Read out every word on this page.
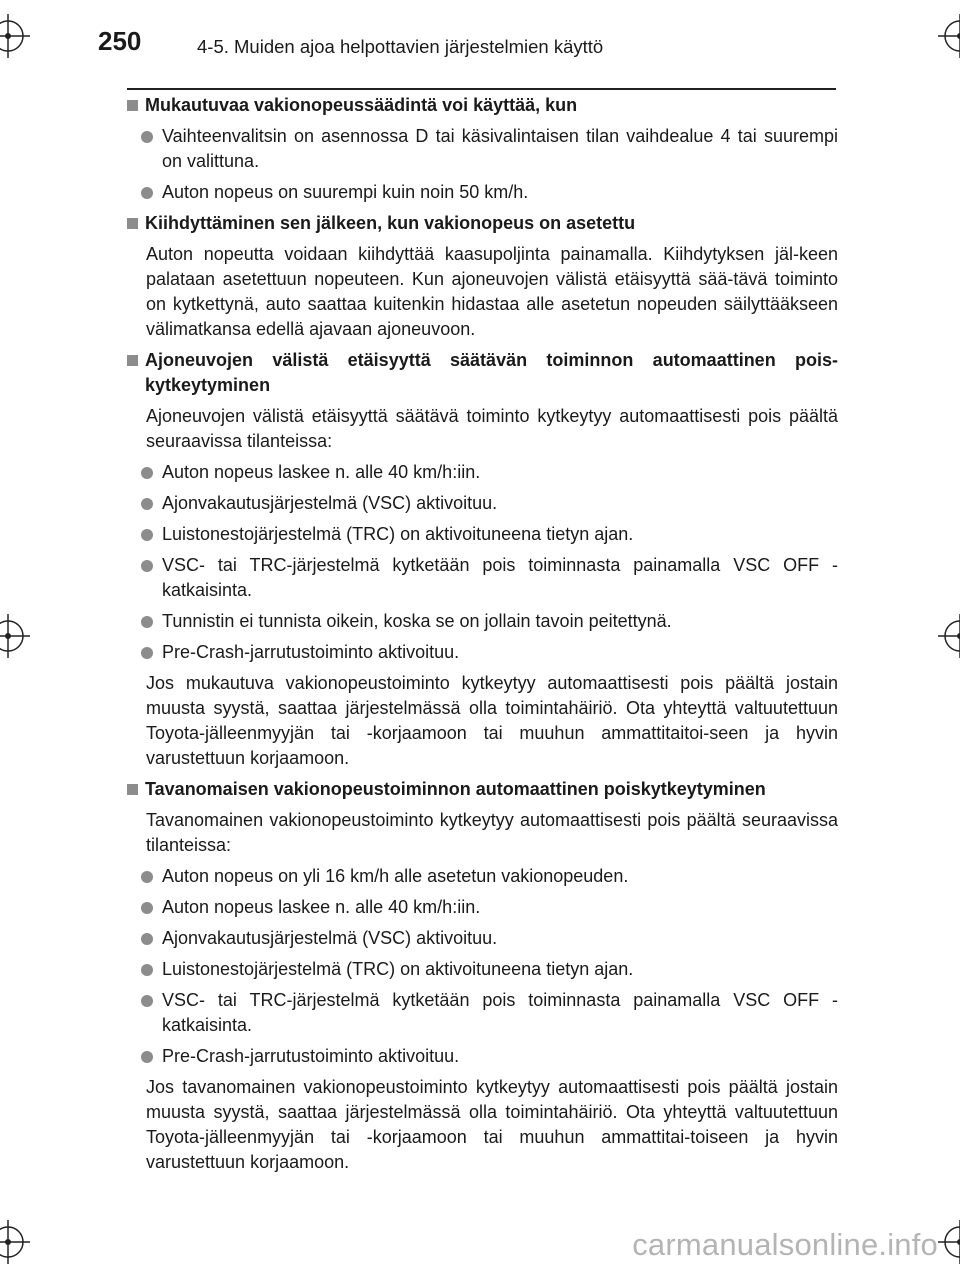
250	4-5. Muiden ajoa helpottavien järjestelmien käyttö
Mukautuvaa vakionopeussäädintä voi käyttää, kun
Vaihteenvalitsin on asennossa D tai käsivalintaisen tilan vaihdealue 4 tai suurempi on valittuna.
Auton nopeus on suurempi kuin noin 50 km/h.
Kiihdyttäminen sen jälkeen, kun vakionopeus on asetettu
Auton nopeutta voidaan kiihdyttää kaasupoljinta painamalla. Kiihdytyksen jäl-keen palataan asetettuun nopeuteen. Kun ajoneuvojen välistä etäisyyttä sää-tävä toiminto on kytkettynä, auto saattaa kuitenkin hidastaa alle asetetun nopeuden säilyttääkseen välimatkansa edellä ajavaan ajoneuvoon.
Ajoneuvojen välistä etäisyyttä säätävän toiminnon automaattinen pois-kytkeytyminen
Ajoneuvojen välistä etäisyyttä säätävä toiminto kytkeytyy automaattisesti pois päältä seuraavissa tilanteissa:
Auton nopeus laskee n. alle 40 km/h:iin.
Ajonvakautusjärjestelmä (VSC) aktivoituu.
Luistonestojärjestelmä (TRC) on aktivoituneena tietyn ajan.
VSC- tai TRC-järjestelmä kytketään pois toiminnasta painamalla VSC OFF -katkaisinta.
Tunnistin ei tunnista oikein, koska se on jollain tavoin peitettynä.
Pre-Crash-jarrutustoiminto aktivoituu.
Jos mukautuva vakionopeustoiminto kytkeytyy automaattisesti pois päältä jostain muusta syystä, saattaa järjestelmässä olla toimintahäiriö. Ota yhteyttä valtuutettuun Toyota-jälleenmyyjän tai -korjaamoon tai muuhun ammattitaitoi-seen ja hyvin varustettuun korjaamoon.
Tavanomaisen vakionopeustoiminnon automaattinen poiskytkeytyminen
Tavanomainen vakionopeustoiminto kytkeytyy automaattisesti pois päältä seuraavissa tilanteissa:
Auton nopeus on yli 16 km/h alle asetetun vakionopeuden.
Auton nopeus laskee n. alle 40 km/h:iin.
Ajonvakautusjärjestelmä (VSC) aktivoituu.
Luistonestojärjestelmä (TRC) on aktivoituneena tietyn ajan.
VSC- tai TRC-järjestelmä kytketään pois toiminnasta painamalla VSC OFF -katkaisinta.
Pre-Crash-jarrutustoiminto aktivoituu.
Jos tavanomainen vakionopeustoiminto kytkeytyy automaattisesti pois päältä jostain muusta syystä, saattaa järjestelmässä olla toimintahäiriö. Ota yhteyttä valtuutettuun Toyota-jälleenmyyjän tai -korjaamoon tai muuhun ammattitai-toiseen ja hyvin varustettuun korjaamoon.
carmanualsonline.info
